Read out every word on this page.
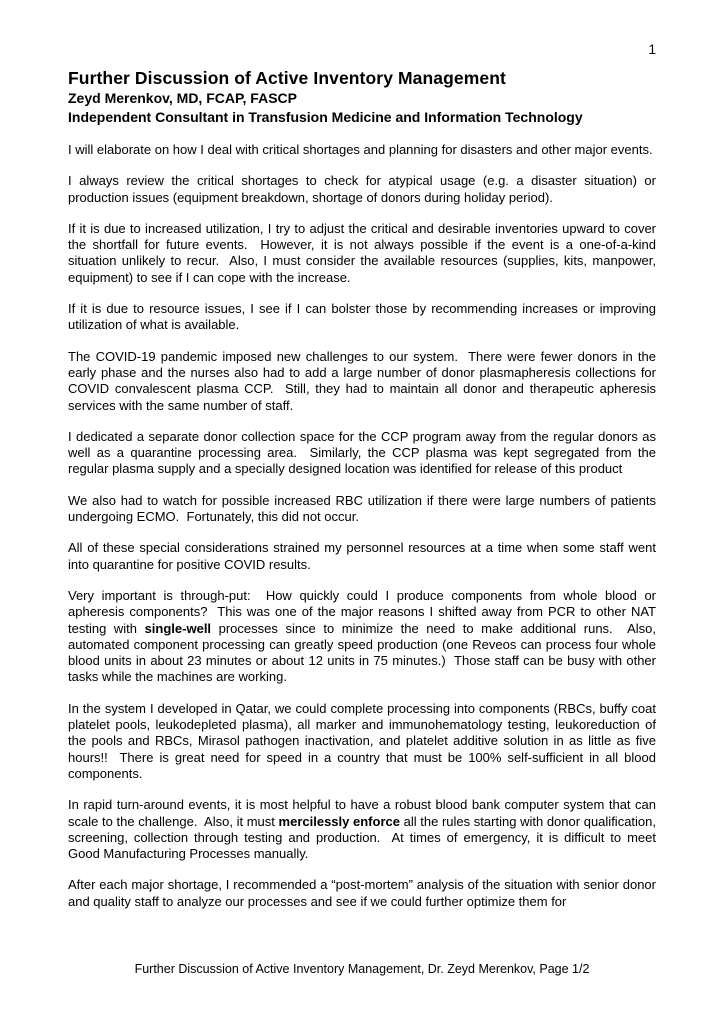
1
Further Discussion of Active Inventory Management
Zeyd Merenkov, MD, FCAP, FASCP
Independent Consultant in Transfusion Medicine and Information Technology

I will elaborate on how I deal with critical shortages and planning for disasters and other major events.

I always review the critical shortages to check for atypical usage (e.g. a disaster situation) or production issues (equipment breakdown, shortage of donors during holiday period).

If it is due to increased utilization, I try to adjust the critical and desirable inventories upward to cover the shortfall for future events.  However, it is not always possible if the event is a one-of-a-kind situation unlikely to recur.  Also, I must consider the available resources (supplies, kits, manpower, equipment) to see if I can cope with the increase.

If it is due to resource issues, I see if I can bolster those by recommending increases or improving utilization of what is available.

The COVID-19 pandemic imposed new challenges to our system.  There were fewer donors in the early phase and the nurses also had to add a large number of donor plasmapheresis collections for COVID convalescent plasma CCP.  Still, they had to maintain all donor and therapeutic apheresis services with the same number of staff.

I dedicated a separate donor collection space for the CCP program away from the regular donors as well as a quarantine processing area.  Similarly, the CCP plasma was kept segregated from the regular plasma supply and a specially designed location was identified for release of this product

We also had to watch for possible increased RBC utilization if there were large numbers of patients undergoing ECMO.  Fortunately, this did not occur.

All of these special considerations strained my personnel resources at a time when some staff went into quarantine for positive COVID results.

Very important is through-put:  How quickly could I produce components from whole blood or apheresis components?  This was one of the major reasons I shifted away from PCR to other NAT testing with single-well processes since to minimize the need to make additional runs.  Also, automated component processing can greatly speed production (one Reveos can process four whole blood units in about 23 minutes or about 12 units in 75 minutes.)  Those staff can be busy with other tasks while the machines are working.

In the system I developed in Qatar, we could complete processing into components (RBCs, buffy coat platelet pools, leukodepleted plasma), all marker and immunohematology testing, leukoreduction of the pools and RBCs, Mirasol pathogen inactivation, and platelet additive solution in as little as five hours!!  There is great need for speed in a country that must be 100% self-sufficient in all blood components.

In rapid turn-around events, it is most helpful to have a robust blood bank computer system that can scale to the challenge.  Also, it must mercilessly enforce all the rules starting with donor qualification, screening, collection through testing and production.  At times of emergency, it is difficult to meet Good Manufacturing Processes manually.

After each major shortage, I recommended a “post-mortem” analysis of the situation with senior donor and quality staff to analyze our processes and see if we could further optimize them for

Further Discussion of Active Inventory Management, Dr. Zeyd Merenkov, Page 1/2
